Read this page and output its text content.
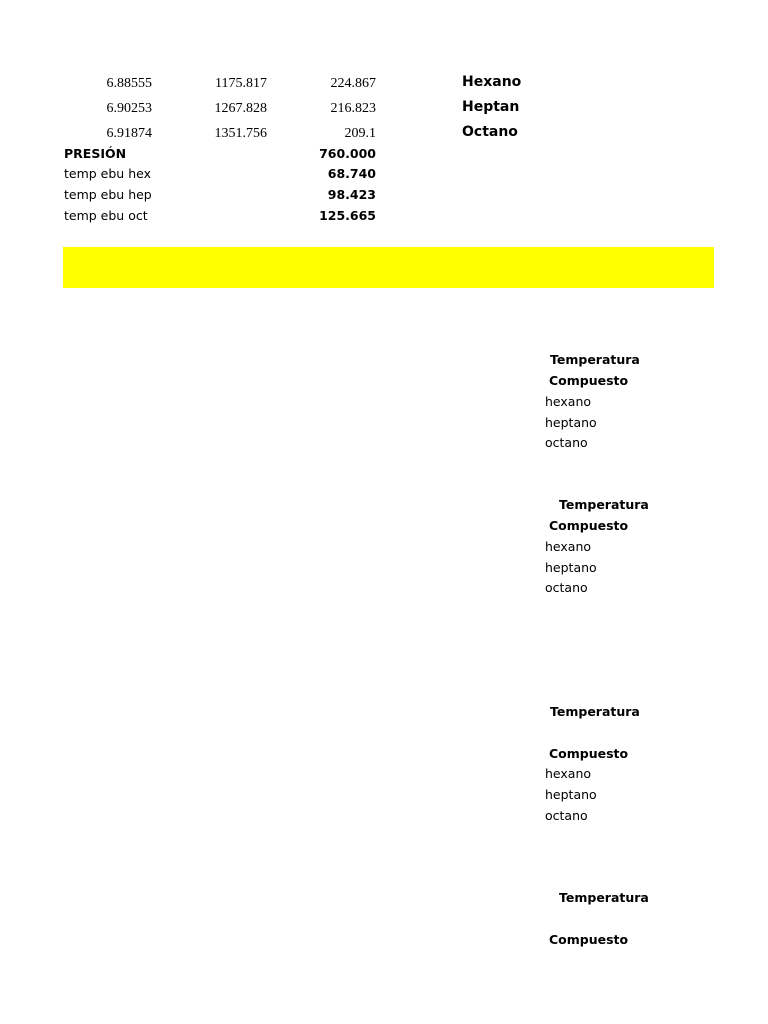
6.88555	1175.817	224.867	Hexano
6.90253	1267.828	216.823	Heptan
6.91874	1351.756	209.1	Octano
PRESIÓN	760.000
temp ebu hex	68.740
temp ebu hep	98.423
temp ebu oct	125.665
Temperatura
Compuesto
hexano
heptano
octano
Temperatura
Compuesto
hexano
heptano
octano
Temperatura
Compuesto
hexano
heptano
octano
Temperatura
Compuesto
